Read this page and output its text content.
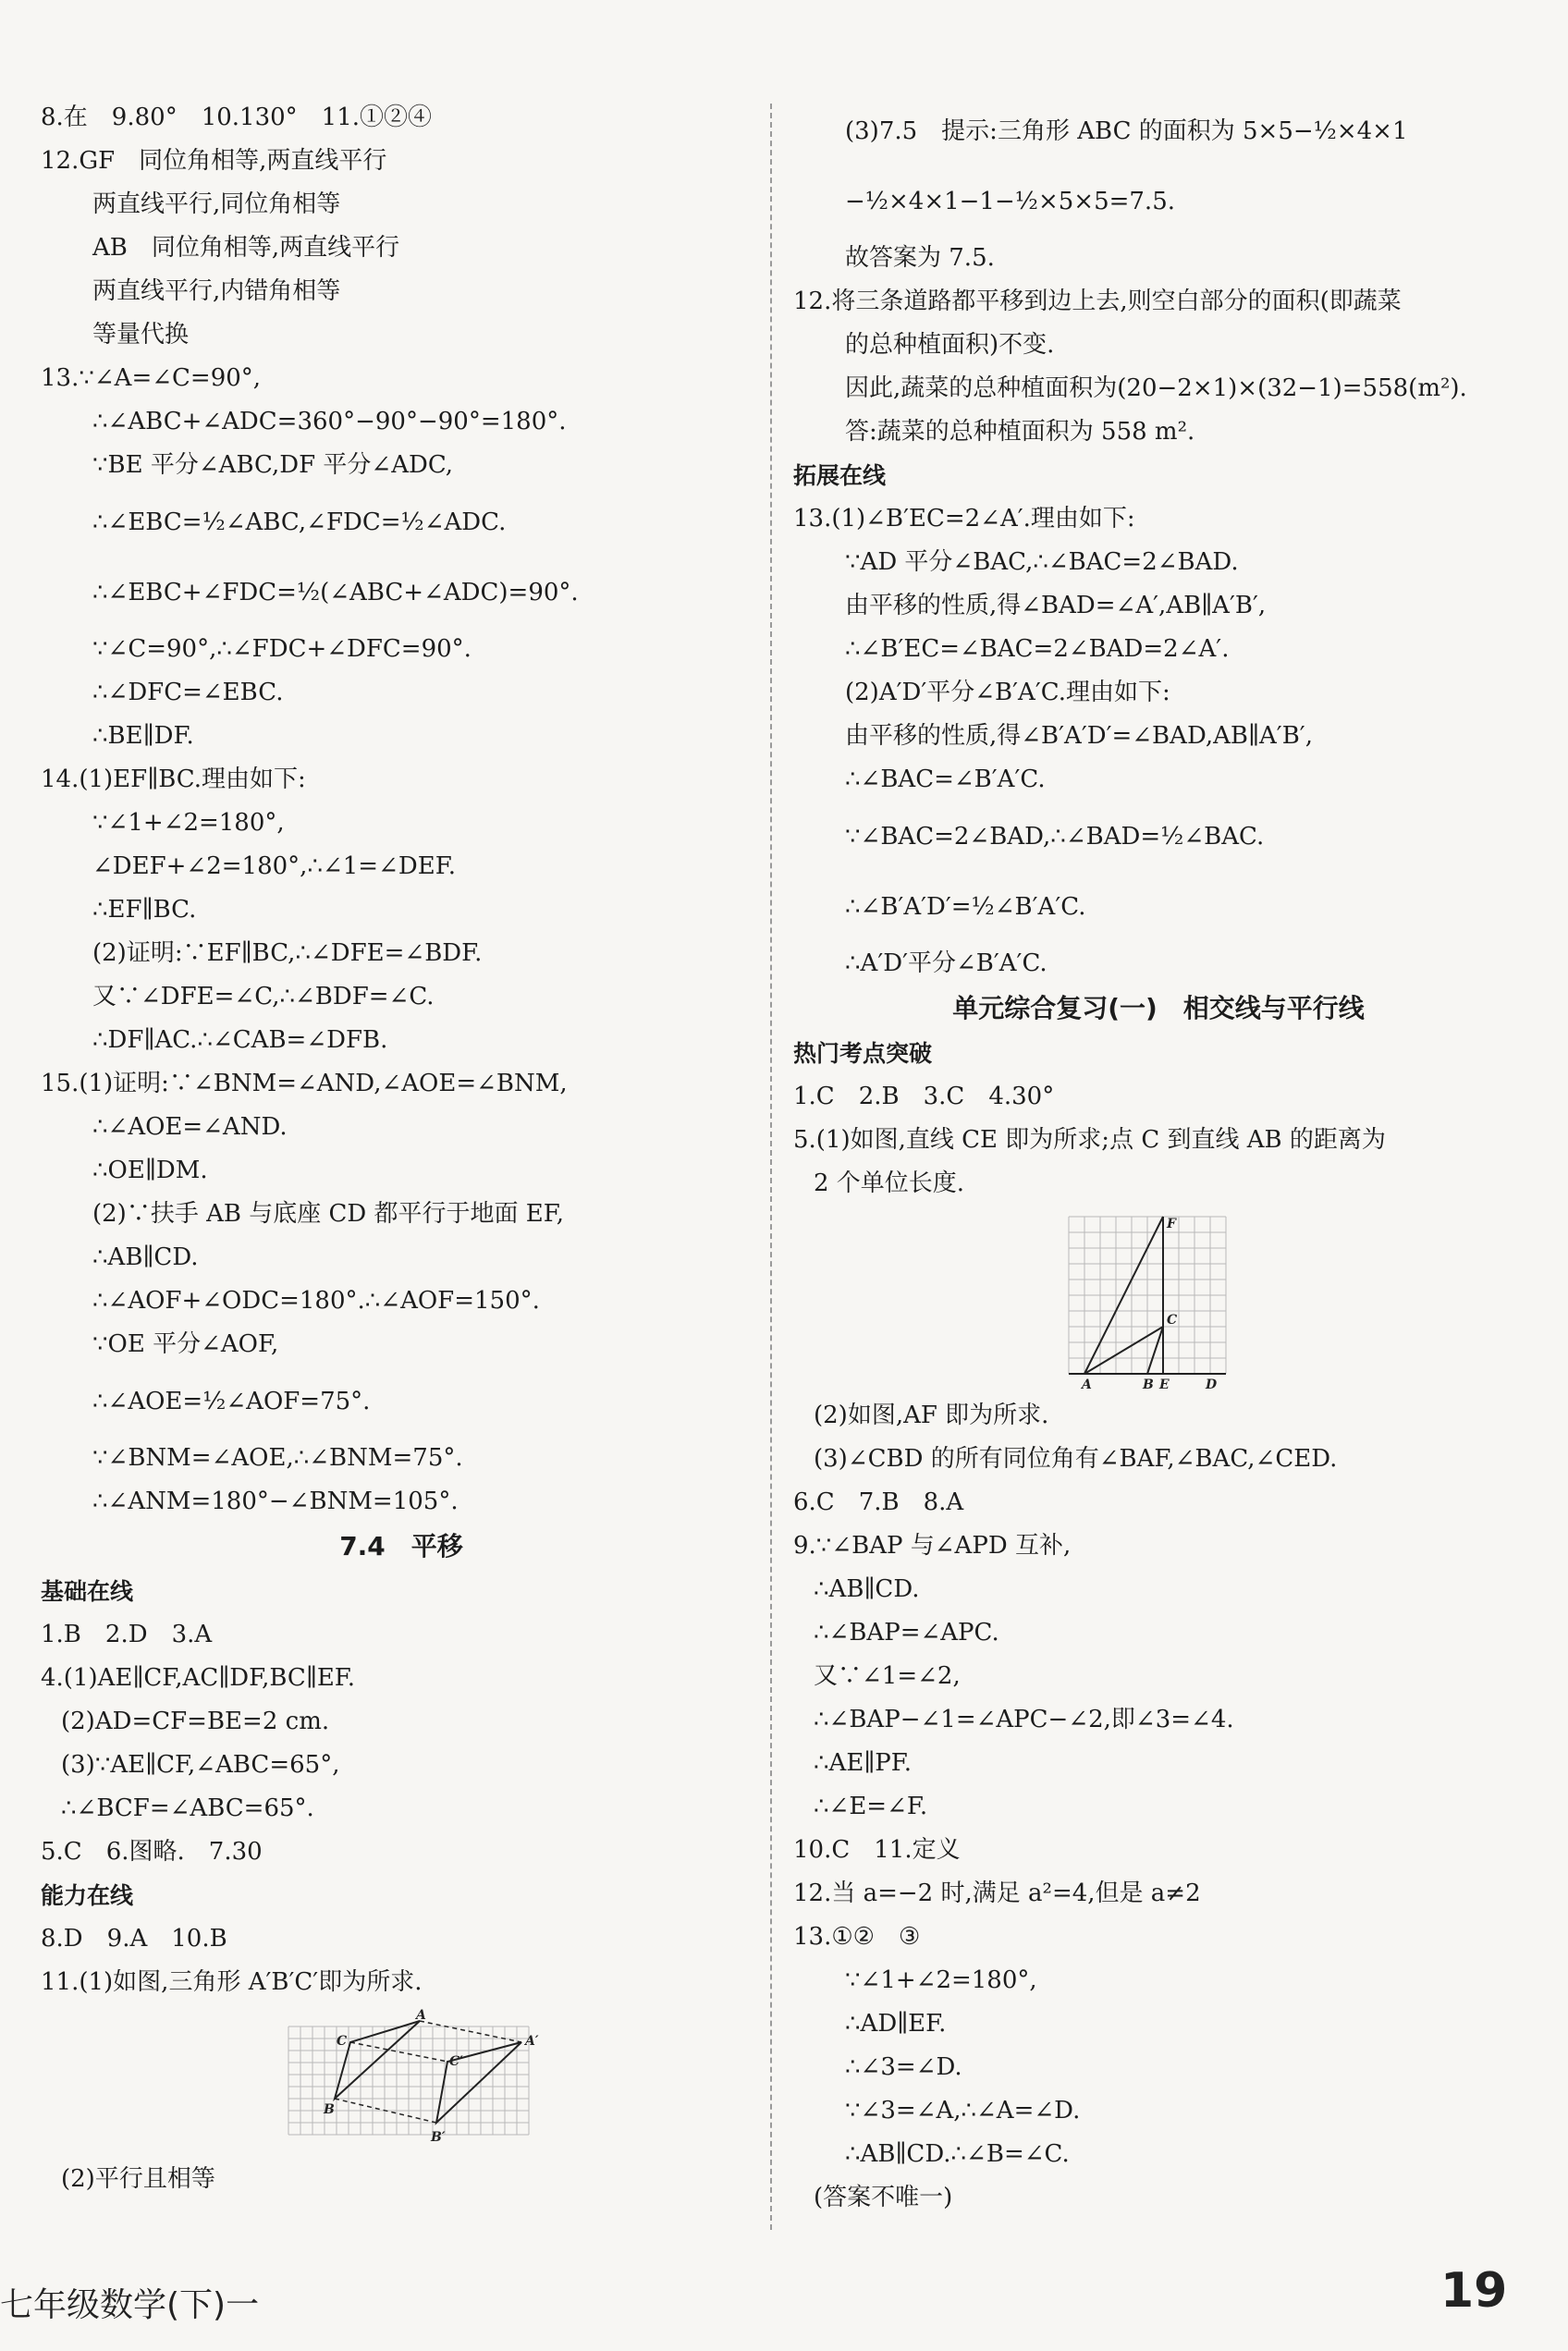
8.在　9.80°　10.130°　11.①②④
12.GF　同位角相等,两直线平行
两直线平行,同位角相等
AB　同位角相等,两直线平行
两直线平行,内错角相等
等量代换
13.∵∠A=∠C=90°,
∴∠ABC+∠ADC=360°−90°−90°=180°.
∵BE 平分∠ABC,DF 平分∠ADC,
∴∠EBC=½∠ABC,∠FDC=½∠ADC.
∴∠EBC+∠FDC=½(∠ABC+∠ADC)=90°.
∵∠C=90°,∴∠FDC+∠DFC=90°.
∴∠DFC=∠EBC.
∴BE∥DF.
14.(1)EF∥BC.理由如下:
∵∠1+∠2=180°,
∠DEF+∠2=180°,∴∠1=∠DEF.
∴EF∥BC.
(2)证明:∵EF∥BC,∴∠DFE=∠BDF.
又∵∠DFE=∠C,∴∠BDF=∠C.
∴DF∥AC.∴∠CAB=∠DFB.
15.(1)证明:∵∠BNM=∠AND,∠AOE=∠BNM,
∴∠AOE=∠AND.
∴OE∥DM.
(2)∵扶手 AB 与底座 CD 都平行于地面 EF,
∴AB∥CD.
∴∠AOF+∠ODC=180°.∴∠AOF=150°.
∵OE 平分∠AOF,
∴∠AOE=½∠AOF=75°.
∵∠BNM=∠AOE,∴∠BNM=75°.
∴∠ANM=180°−∠BNM=105°.
7.4　平移
基础在线
1.B　2.D　3.A
4.(1)AE∥CF,AC∥DF,BC∥EF.
(2)AD=CF=BE=2 cm.
(3)∵AE∥CF,∠ABC=65°,
∴∠BCF=∠ABC=65°.
5.C　6.图略.　7.30
能力在线
8.D　9.A　10.B
11.(1)如图,三角形 A′B′C′即为所求.
A
B
C	A′
B′
C′
(2)平行且相等
(3)7.5　提示:三角形 ABC 的面积为 5×5−½×4×1
−½×4×1−1−½×5×5=7.5.
故答案为 7.5.
12.将三条道路都平移到边上去,则空白部分的面积(即蔬菜
的总种植面积)不变.
因此,蔬菜的总种植面积为(20−2×1)×(32−1)=558(m²).
答:蔬菜的总种植面积为 558 m².
拓展在线
13.(1)∠B′EC=2∠A′.理由如下:
∵AD 平分∠BAC,∴∠BAC=2∠BAD.
由平移的性质,得∠BAD=∠A′,AB∥A′B′,
∴∠B′EC=∠BAC=2∠BAD=2∠A′.
(2)A′D′平分∠B′A′C.理由如下:
由平移的性质,得∠B′A′D′=∠BAD,AB∥A′B′,
∴∠BAC=∠B′A′C.
∵∠BAC=2∠BAD,∴∠BAD=½∠BAC.
∴∠B′A′D′=½∠B′A′C.
∴A′D′平分∠B′A′C.
单元综合复习(一)　相交线与平行线
热门考点突破
1.C　2.B　3.C　4.30°
5.(1)如图,直线 CE 即为所求;点 C 到直线 AB 的距离为
2 个单位长度.
F
C
A	B E	D
(2)如图,AF 即为所求.
(3)∠CBD 的所有同位角有∠BAF,∠BAC,∠CED.
6.C　7.B　8.A
9.∵∠BAP 与∠APD 互补,
∴AB∥CD.
∴∠BAP=∠APC.
又∵∠1=∠2,
∴∠BAP−∠1=∠APC−∠2,即∠3=∠4.
∴AE∥PF.
∴∠E=∠F.
10.C　11.定义
12.当 a=−2 时,满足 a²=4,但是 a≠2
13.①②　③
∵∠1+∠2=180°,
∴AD∥EF.
∴∠3=∠D.
∵∠3=∠A,∴∠A=∠D.
∴AB∥CD.∴∠B=∠C.
(答案不唯一)
七年级数学(下)一	19
